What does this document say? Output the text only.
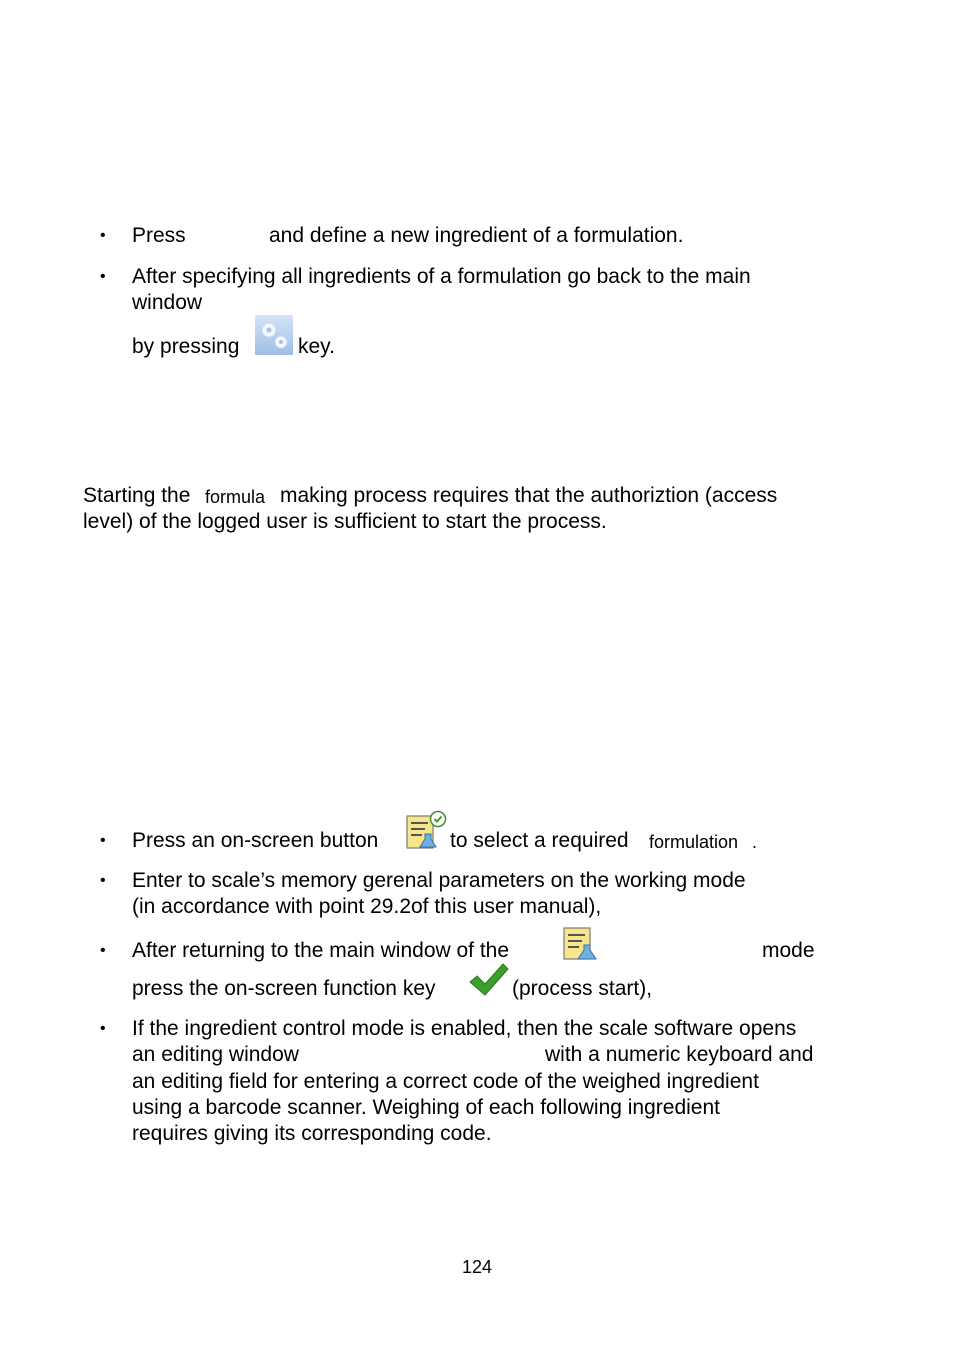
• Press	and define a new ingredient of a formulation.
• After specifying all ingredients of a formulation go back to the main
window
by pressing	key.
Starting the formula making process requires that the authoriztion (access
level) of the logged user is sufficient to start the process.
• Press an on-screen button	to select a required formulation .
• Enter to scale’s memory gerenal parameters on the working mode
(in accordance with point 29.2of this user manual),
• After returning to the main window of the	mode
press the on-screen function key	(process start),
• If the ingredient control mode is enabled, then the scale software opens
an editing window	with a numeric keyboard and
an editing field for entering a correct code of the weighed ingredient
using a barcode scanner. Weighing of each following ingredient
requires giving its corresponding code.
124
